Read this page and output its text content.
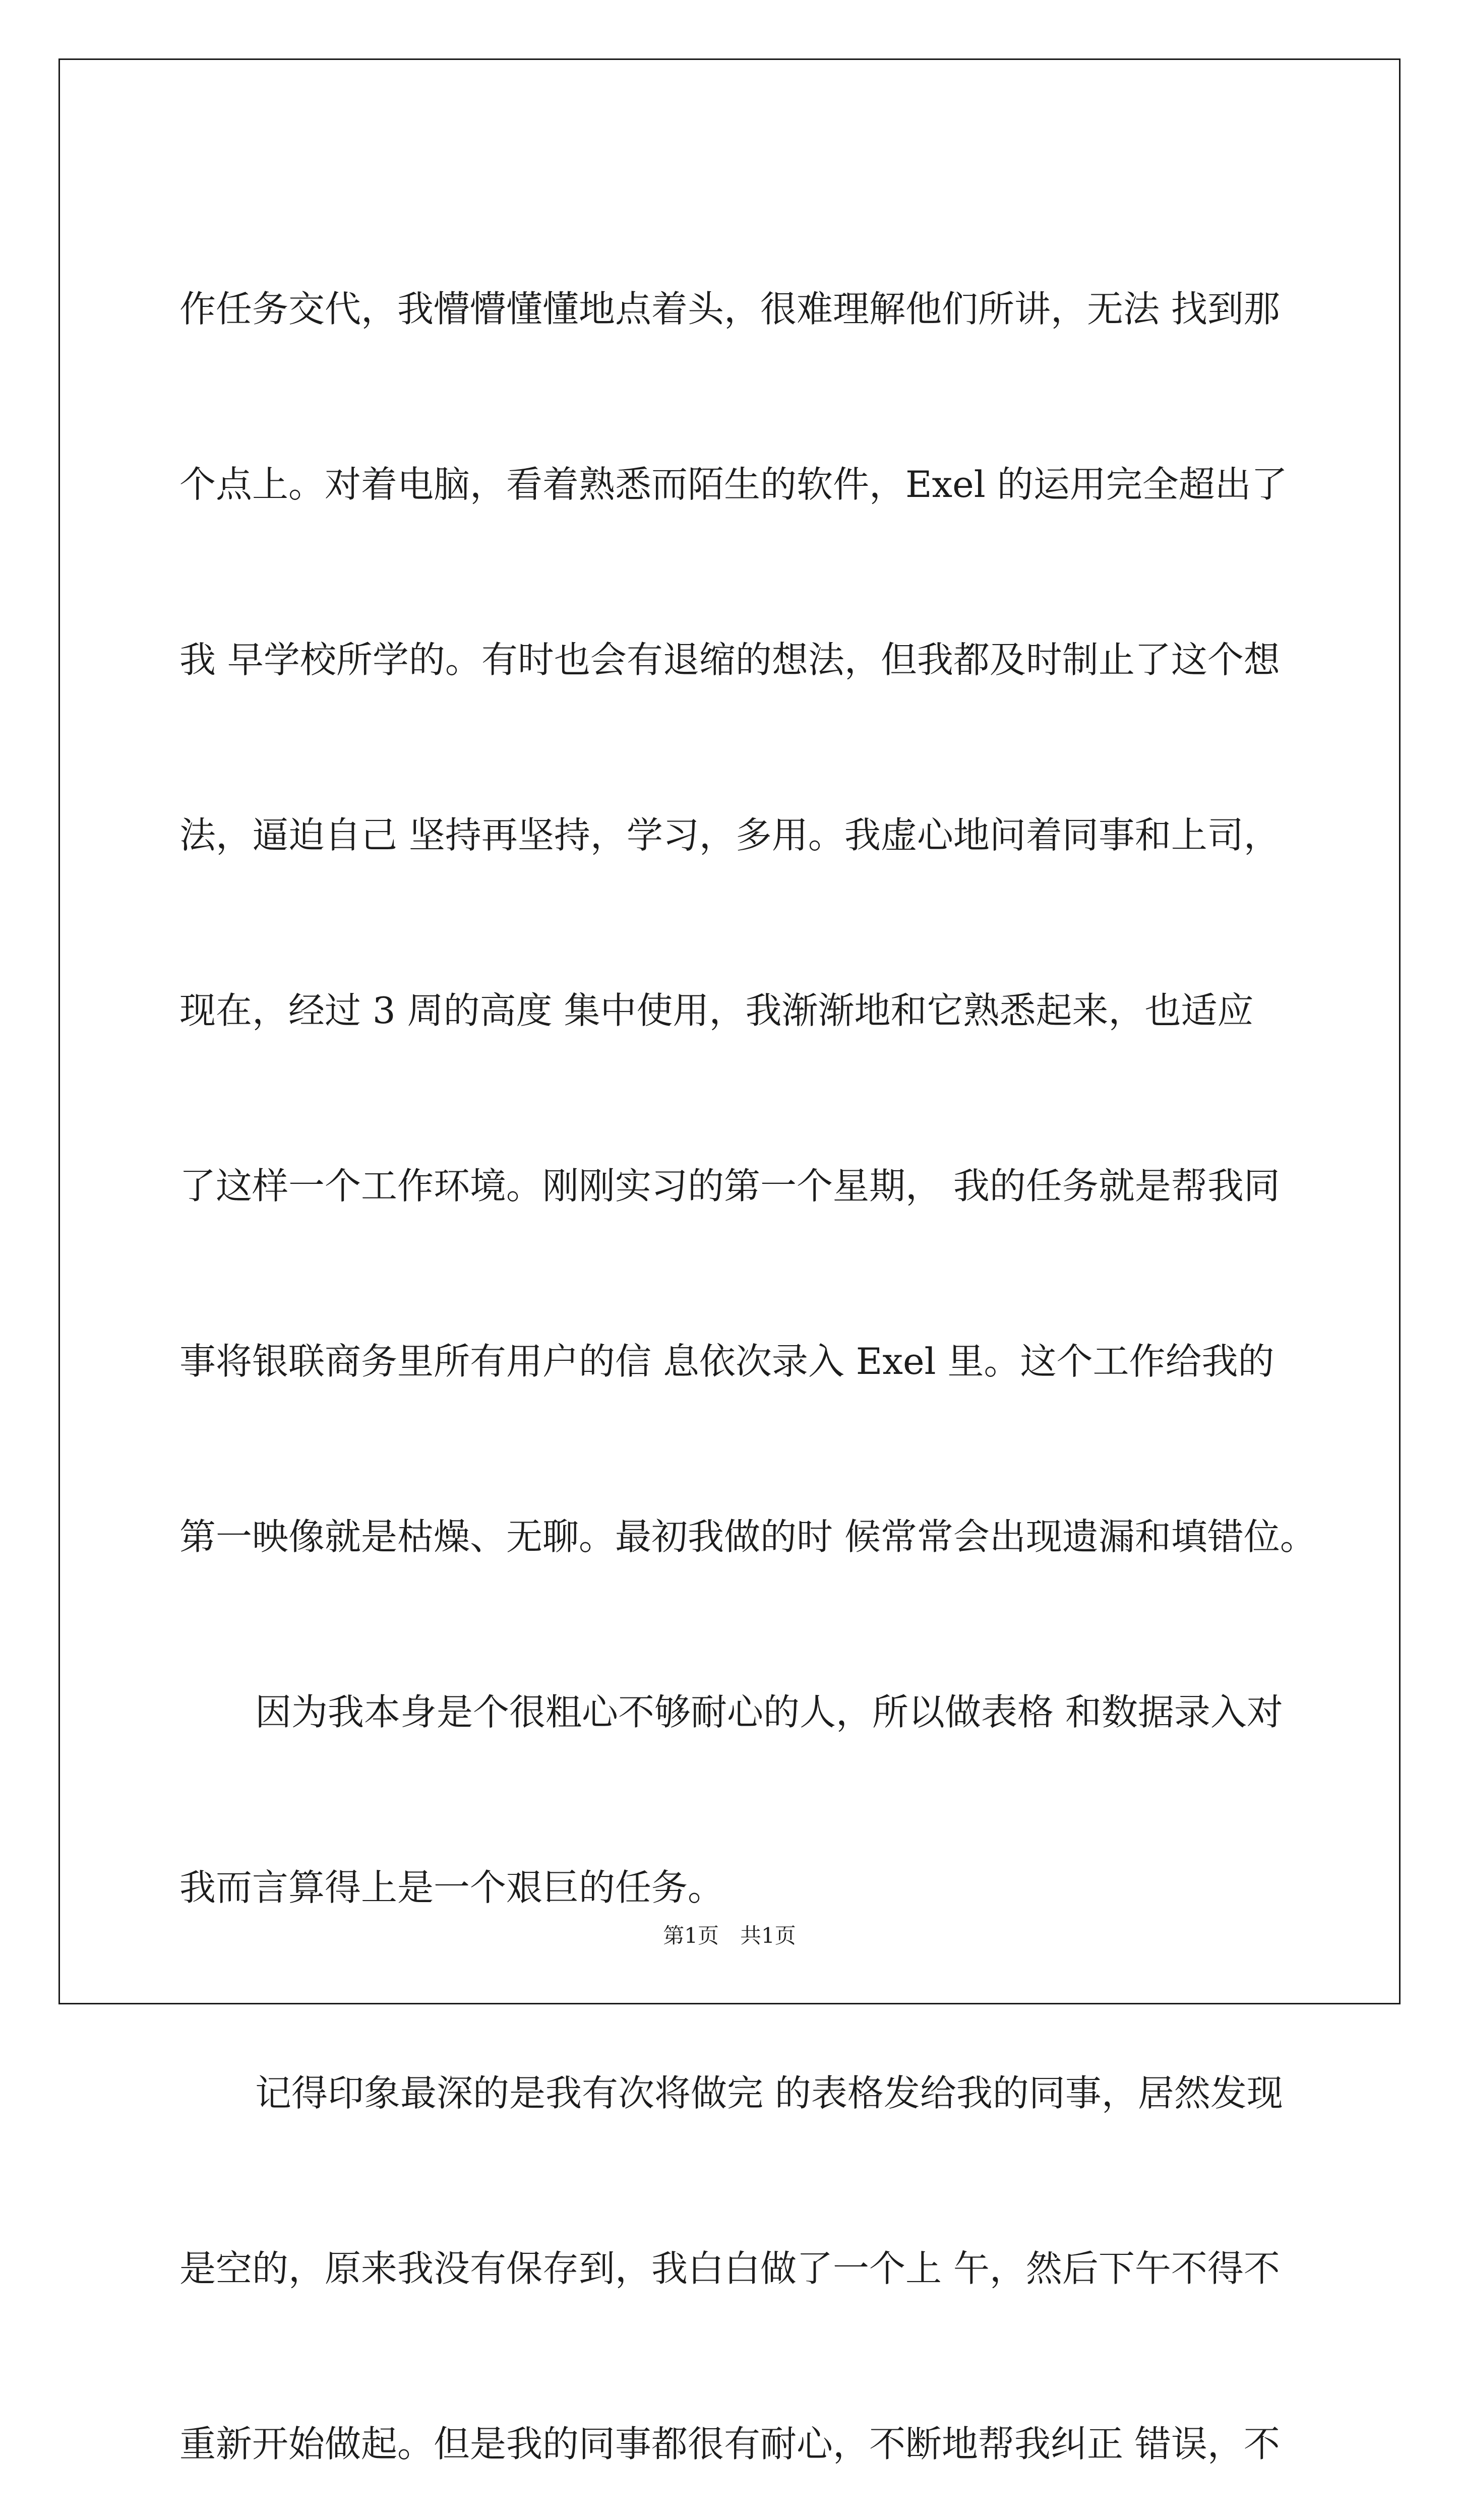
作任务交代，我懵懵懂懂地点着头，很难理解他们所讲，无法 找到那

个点上。对着电脑，看着熟悉而陌生的软件，Exel 的运用完全超出了

我 早学校所学的。有时也会有退缩的想法，但我都及时制止了这个想

法，逼迫自己 坚持再坚持，学习，多用。我虚心地问着同事和上司，

现在，经过 3 周的高度 集中使用，我渐渐地和它熟悉起来，也适应

了这样一个工作环境。刚刚实习的第一个星期， 我的任务就是帮我同

事将银联商务里所有用户的信 息依次录入 Exel 里。这个工作给我的

第一映像就是枯燥、无聊。最初我做的时 候常常会出现遗漏和填错位。

因为我本身是个很粗心不够耐心的人，所以做表格 和数据录入对

我而言算得上是一个艰巨的任务。

记得印象最深的是我有次将做完 的表格发给我的同事，居然发现

是空的，原来我没有保存到，我白白做了一个上 午，然后下午不得不

重新开始做起。但是我的同事都很有耐心，不断地帮我纠正 错误，不

第1页　共1页
